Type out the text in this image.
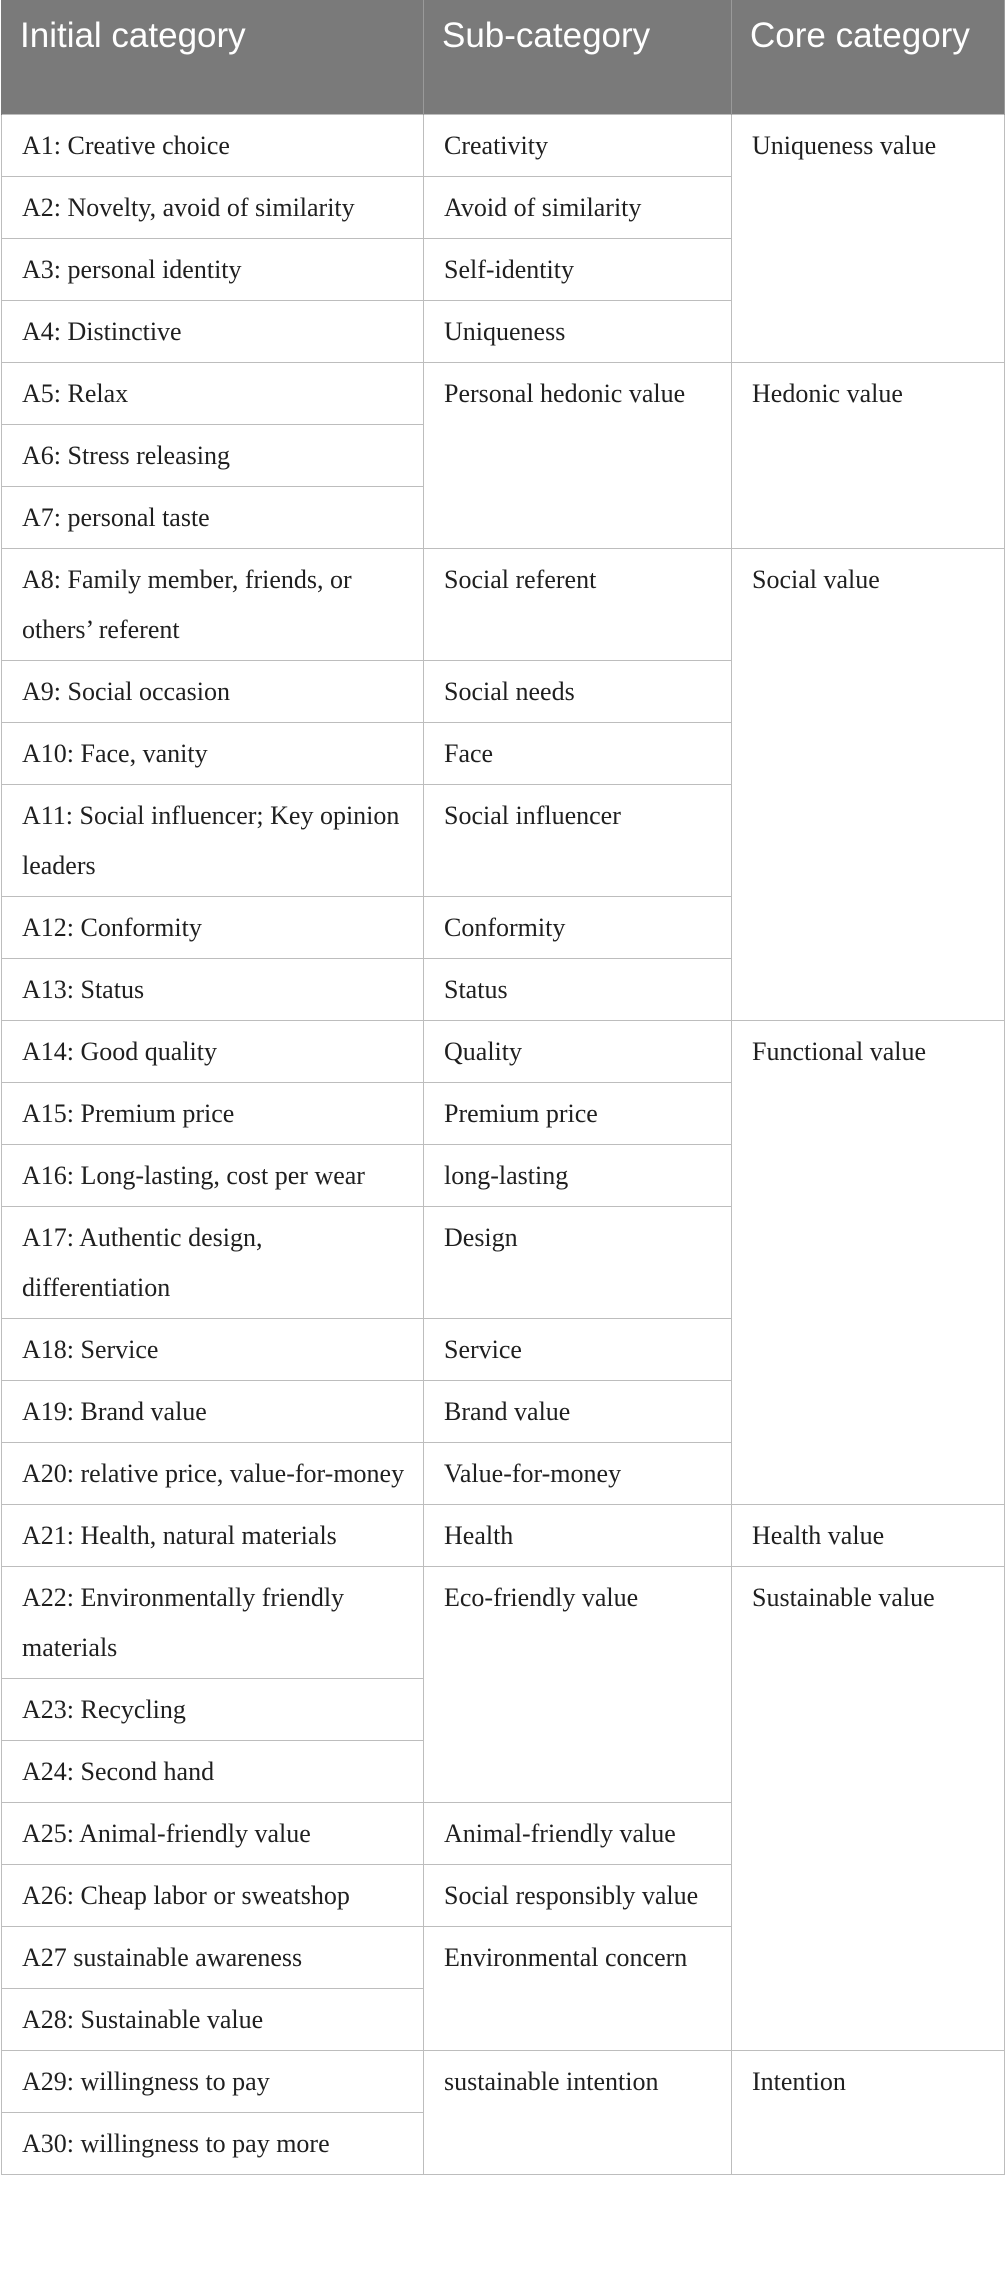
Initial category	Sub-category	Core category
A1: Creative choice	Creativity	Uniqueness value
A2: Novelty, avoid of similarity	Avoid of similarity	
A3: personal identity	Self-identity	
A4: Distinctive	Uniqueness	
A5: Relax	Personal hedonic value	Hedonic value
A6: Stress releasing		
A7: personal taste		
A8: Family member, friends, or others’ referent	Social referent	Social value
A9: Social occasion	Social needs	
A10: Face, vanity	Face	
A11: Social influencer; Key opinion leaders	Social influencer	
A12: Conformity	Conformity	
A13: Status	Status	
A14: Good quality	Quality	Functional value
A15: Premium price	Premium price	
A16: Long-lasting, cost per wear	long-lasting	
A17: Authentic design, differentiation	Design	
A18: Service	Service	
A19: Brand value	Brand value	
A20: relative price, value-for-money	Value-for-money	
A21: Health, natural materials	Health	Health value
A22: Environmentally friendly materials	Eco-friendly value	Sustainable value
A23: Recycling		
A24: Second hand		
A25: Animal-friendly value	Animal-friendly value	
A26: Cheap labor or sweatshop	Social responsibly value	
A27 sustainable awareness	Environmental concern	
A28: Sustainable value		
A29: willingness to pay	sustainable intention	Intention
A30: willingness to pay more		
